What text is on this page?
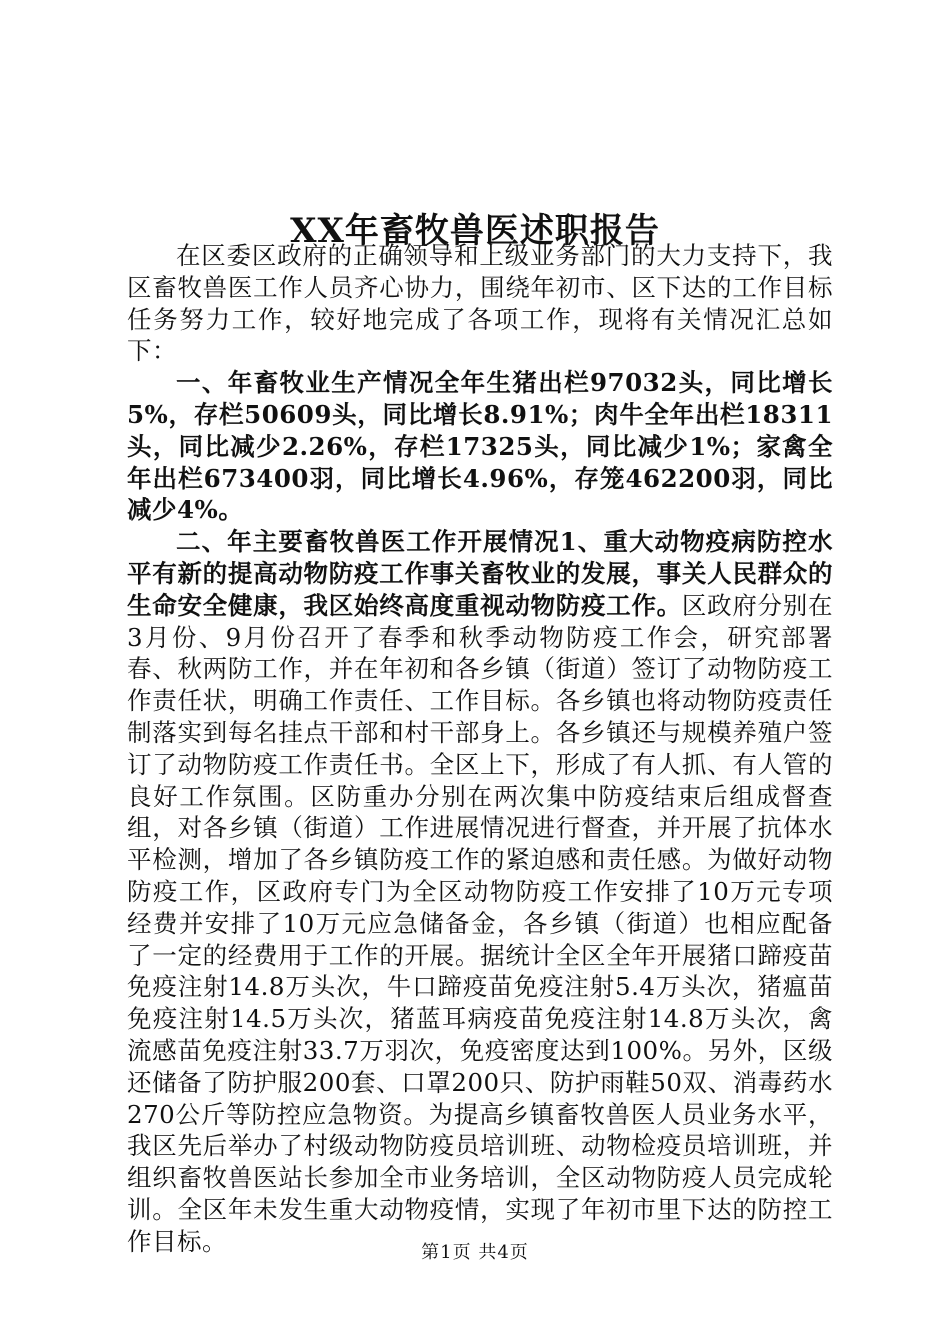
XX年畜牧兽医述职报告

在区委区政府的正确领导和上级业务部门的大力支持下，我区畜牧兽医工作人员齐心协力，围绕年初市、区下达的工作目标任务努力工作，较好地完成了各项工作，现将有关情况汇总如下：

一、年畜牧业生产情况全年生猪出栏97032头，同比增长5%，存栏50609头，同比增长8.91%；肉牛全年出栏18311头，同比减少2.26%，存栏17325头，同比减少1%；家禽全年出栏673400羽，同比增长4.96%，存笼462200羽，同比减少4%。

二、年主要畜牧兽医工作开展情况1、重大动物疫病防控水平有新的提高动物防疫工作事关畜牧业的发展，事关人民群众的生命安全健康，我区始终高度重视动物防疫工作。区政府分别在3月份、9月份召开了春季和秋季动物防疫工作会，研究部署春、秋两防工作，并在年初和各乡镇（街道）签订了动物防疫工作责任状，明确工作责任、工作目标。各乡镇也将动物防疫责任制落实到每名挂点干部和村干部身上。各乡镇还与规模养殖户签订了动物防疫工作责任书。全区上下，形成了有人抓、有人管的良好工作氛围。区防重办分别在两次集中防疫结束后组成督查组，对各乡镇（街道）工作进展情况进行督查，并开展了抗体水平检测，增加了各乡镇防疫工作的紧迫感和责任感。为做好动物防疫工作，区政府专门为全区动物防疫工作安排了10万元专项经费并安排了10万元应急储备金，各乡镇（街道）也相应配备了一定的经费用于工作的开展。据统计全区全年开展猪口蹄疫苗免疫注射14.8万头次，牛口蹄疫苗免疫注射5.4万头次，猪瘟苗免疫注射14.5万头次，猪蓝耳病疫苗免疫注射14.8万头次，禽流感苗免疫注射33.7万羽次，免疫密度达到100%。另外，区级还储备了防护服200套、口罩200只、防护雨鞋50双、消毒药水270公斤等防控应急物资。为提高乡镇畜牧兽医人员业务水平，我区先后举办了村级动物防疫员培训班、动物检疫员培训班，并组织畜牧兽医站长参加全市业务培训，全区动物防疫人员完成轮训。全区年未发生重大动物疫情，实现了年初市里下达的防控工作目标。	第1页 共4页
